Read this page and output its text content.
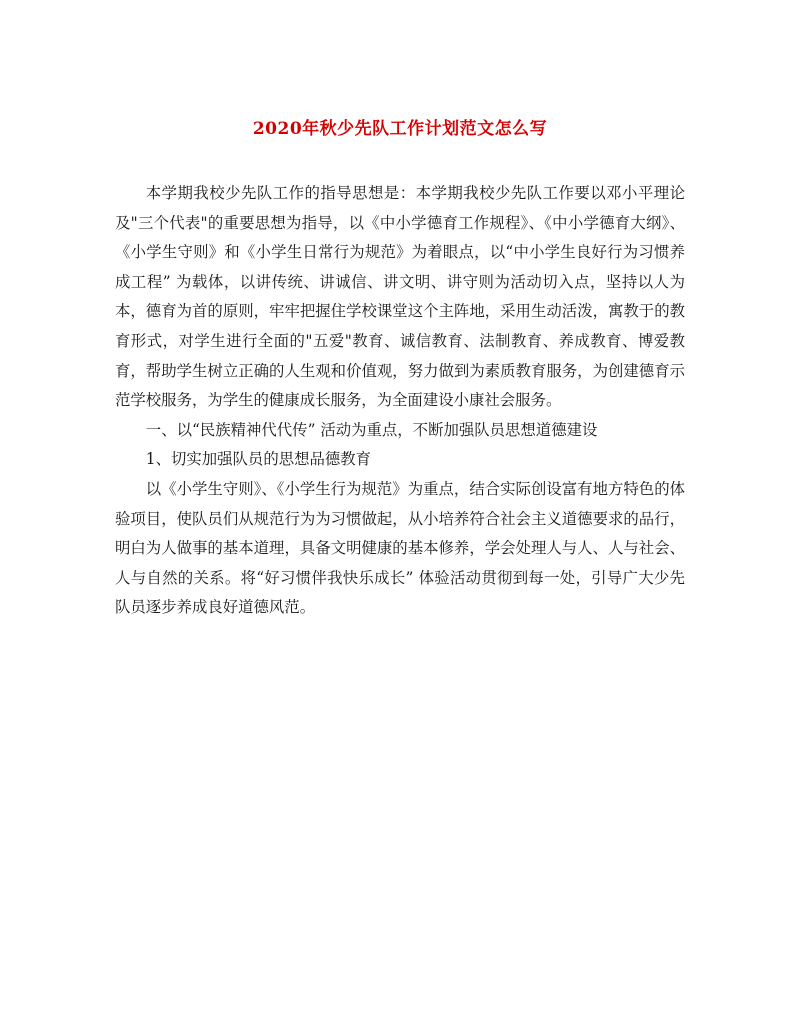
2020年秋少先队工作计划范文怎么写

本学期我校少先队工作的指导思想是：本学期我校少先队工作要以邓小平理论及"三个代表"的重要思想为指导，以《中小学德育工作规程》、《中小学德育大纲》、《小学生守则》和《小学生日常行为规范》为着眼点，以“中小学生良好行为习惯养成工程” 为载体，以讲传统、讲诚信、讲文明、讲守则为活动切入点，坚持以人为本，德育为首的原则，牢牢把握住学校课堂这个主阵地，采用生动活泼，寓教于的教育形式，对学生进行全面的"五爱"教育、诚信教育、法制教育、养成教育、博爱教育，帮助学生树立正确的人生观和价值观，努力做到为素质教育服务，为创建德育示范学校服务，为学生的健康成长服务，为全面建设小康社会服务。

一、以“民族精神代代传” 活动为重点，不断加强队员思想道德建设

1、切实加强队员的思想品德教育

以《小学生守则》、《小学生行为规范》为重点，结合实际创设富有地方特色的体验项目，使队员们从规范行为为习惯做起，从小培养符合社会主义道德要求的品行，明白为人做事的基本道理，具备文明健康的基本修养，学会处理人与人、人与社会、人与自然的关系。将“好习惯伴我快乐成长” 体验活动贯彻到每一处，引导广大少先队员逐步养成良好道德风范。
